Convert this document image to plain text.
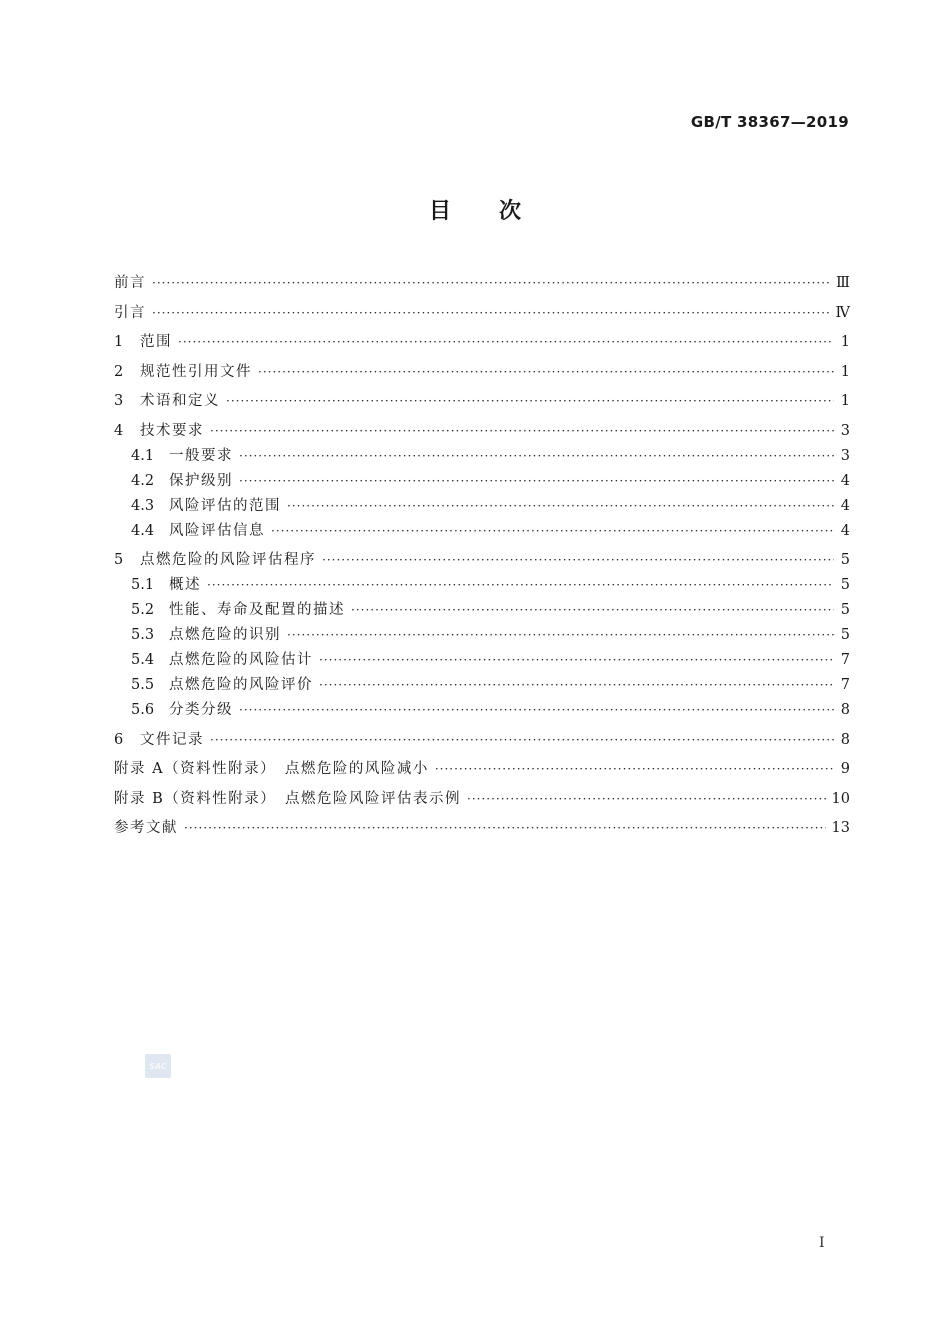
GB/T 38367—2019
目 次
前言 ·····	Ⅲ
引言 ·····	Ⅳ
1	范围 ·····	1
2	规范性引用文件 ·····	1
3	术语和定义 ·····	1
4	技术要求 ·····	3
4.1	一般要求 ·····	3
4.2	保护级别 ·····	4
4.3	风险评估的范围 ·····	4
4.4	风险评估信息 ·····	4
5	点燃危险的风险评估程序 ·····	5
5.1	概述 ·····	5
5.2	性能、寿命及配置的描述 ·····	5
5.3	点燃危险的识别 ·····	5
5.4	点燃危险的风险估计 ·····	7
5.5	点燃危险的风险评价 ·····	7
5.6	分类分级 ·····	8
6	文件记录 ·····	8
附录 A（资料性附录）　点燃危险的风险减小 ·····	9
附录 B（资料性附录）　点燃危险风险评估表示例 ·····	10
参考文献 ·····	13
SAC
Ⅰ
